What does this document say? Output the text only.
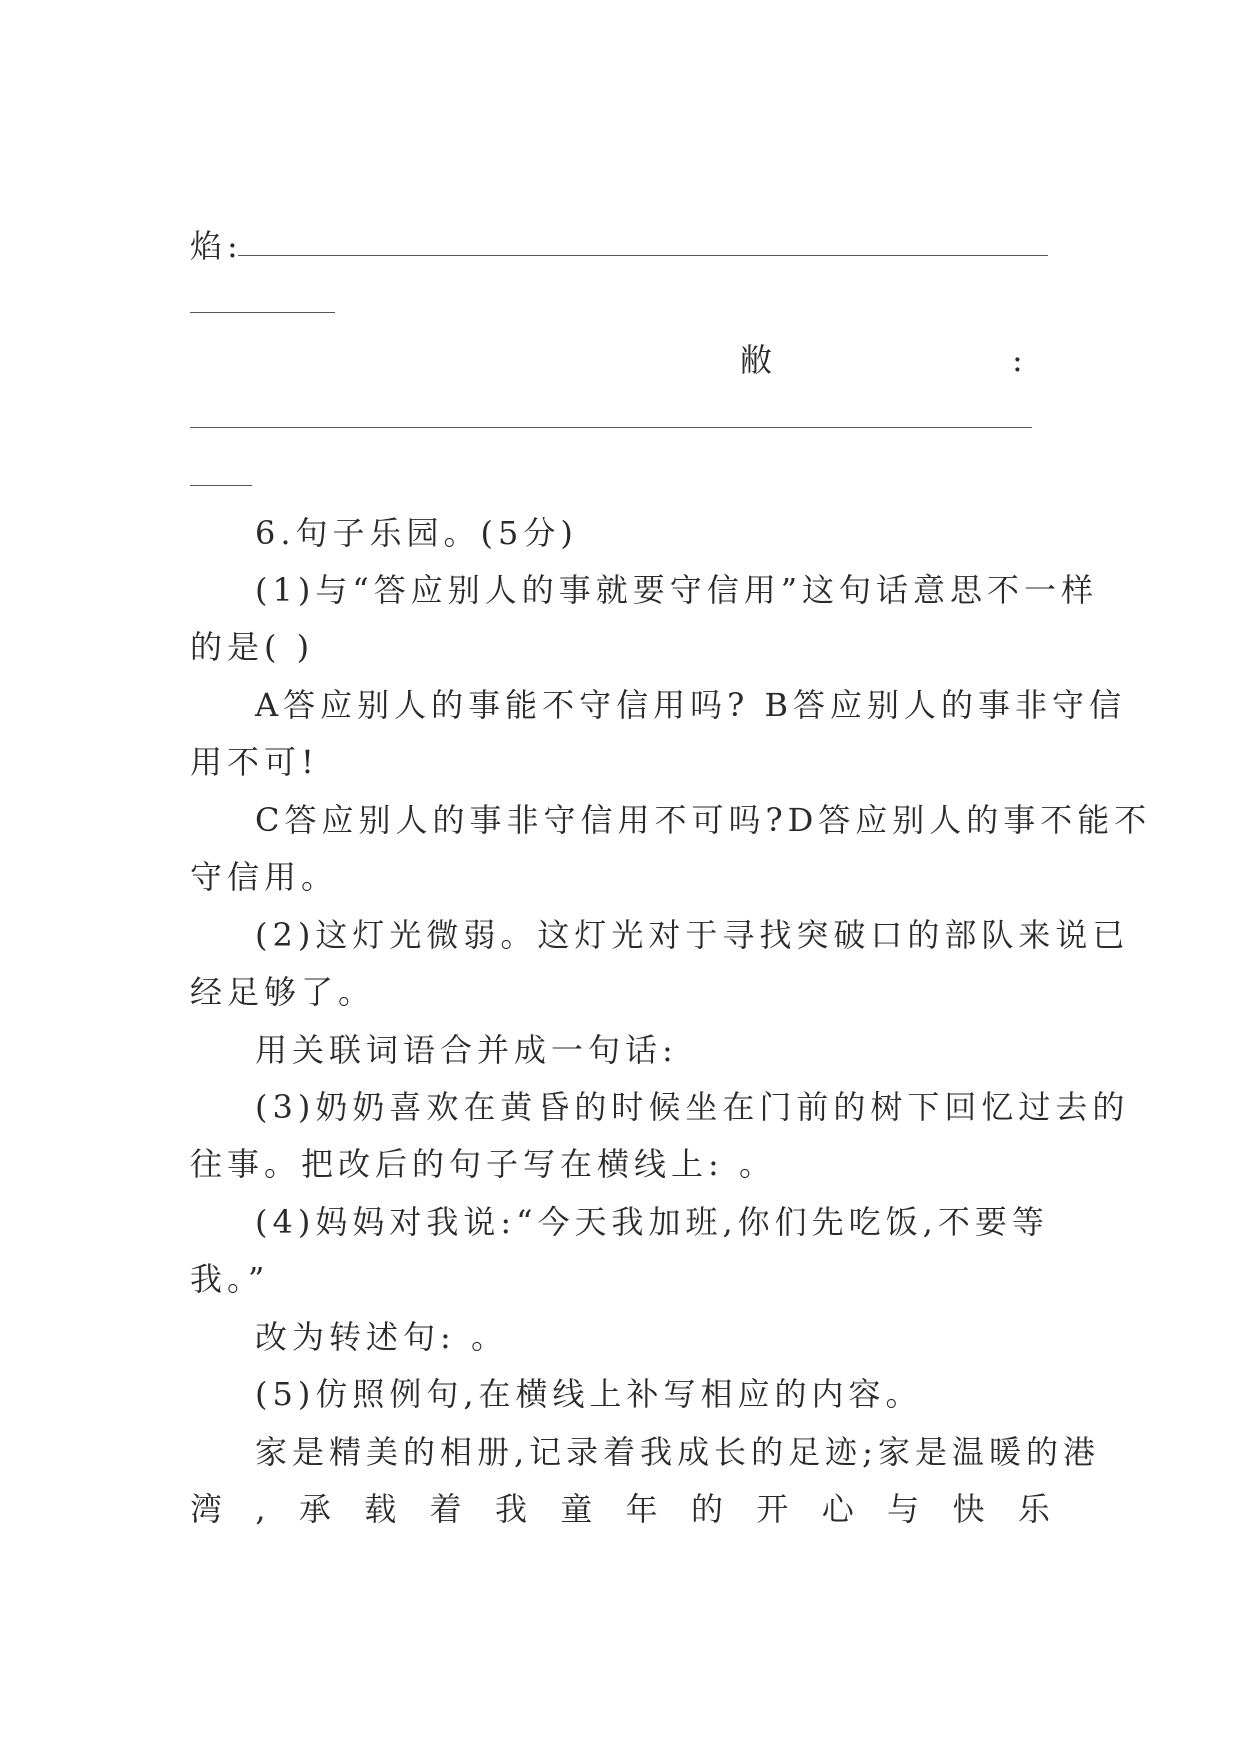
焰:
敝	:
6.句子乐园。(5分)
(1)与“答应别人的事就要守信用”这句话意思不一样
的是( )
A答应别人的事能不守信用吗? B答应别人的事非守信
用不可!
C答应别人的事非守信用不可吗?D答应别人的事不能不
守信用。
(2)这灯光微弱。这灯光对于寻找突破口的部队来说已
经足够了。
用关联词语合并成一句话:
(3)奶奶喜欢在黄昏的时候坐在门前的树下回忆过去的
往事。把改后的句子写在横线上: 。
(4)妈妈对我说:“今天我加班,你们先吃饭,不要等
我。”
改为转述句: 。
(5)仿照例句,在横线上补写相应的内容。
家是精美的相册,记录着我成长的足迹;家是温暖的港
湾 , 承 载 着 我 童 年 的 开 心 与 快 乐
